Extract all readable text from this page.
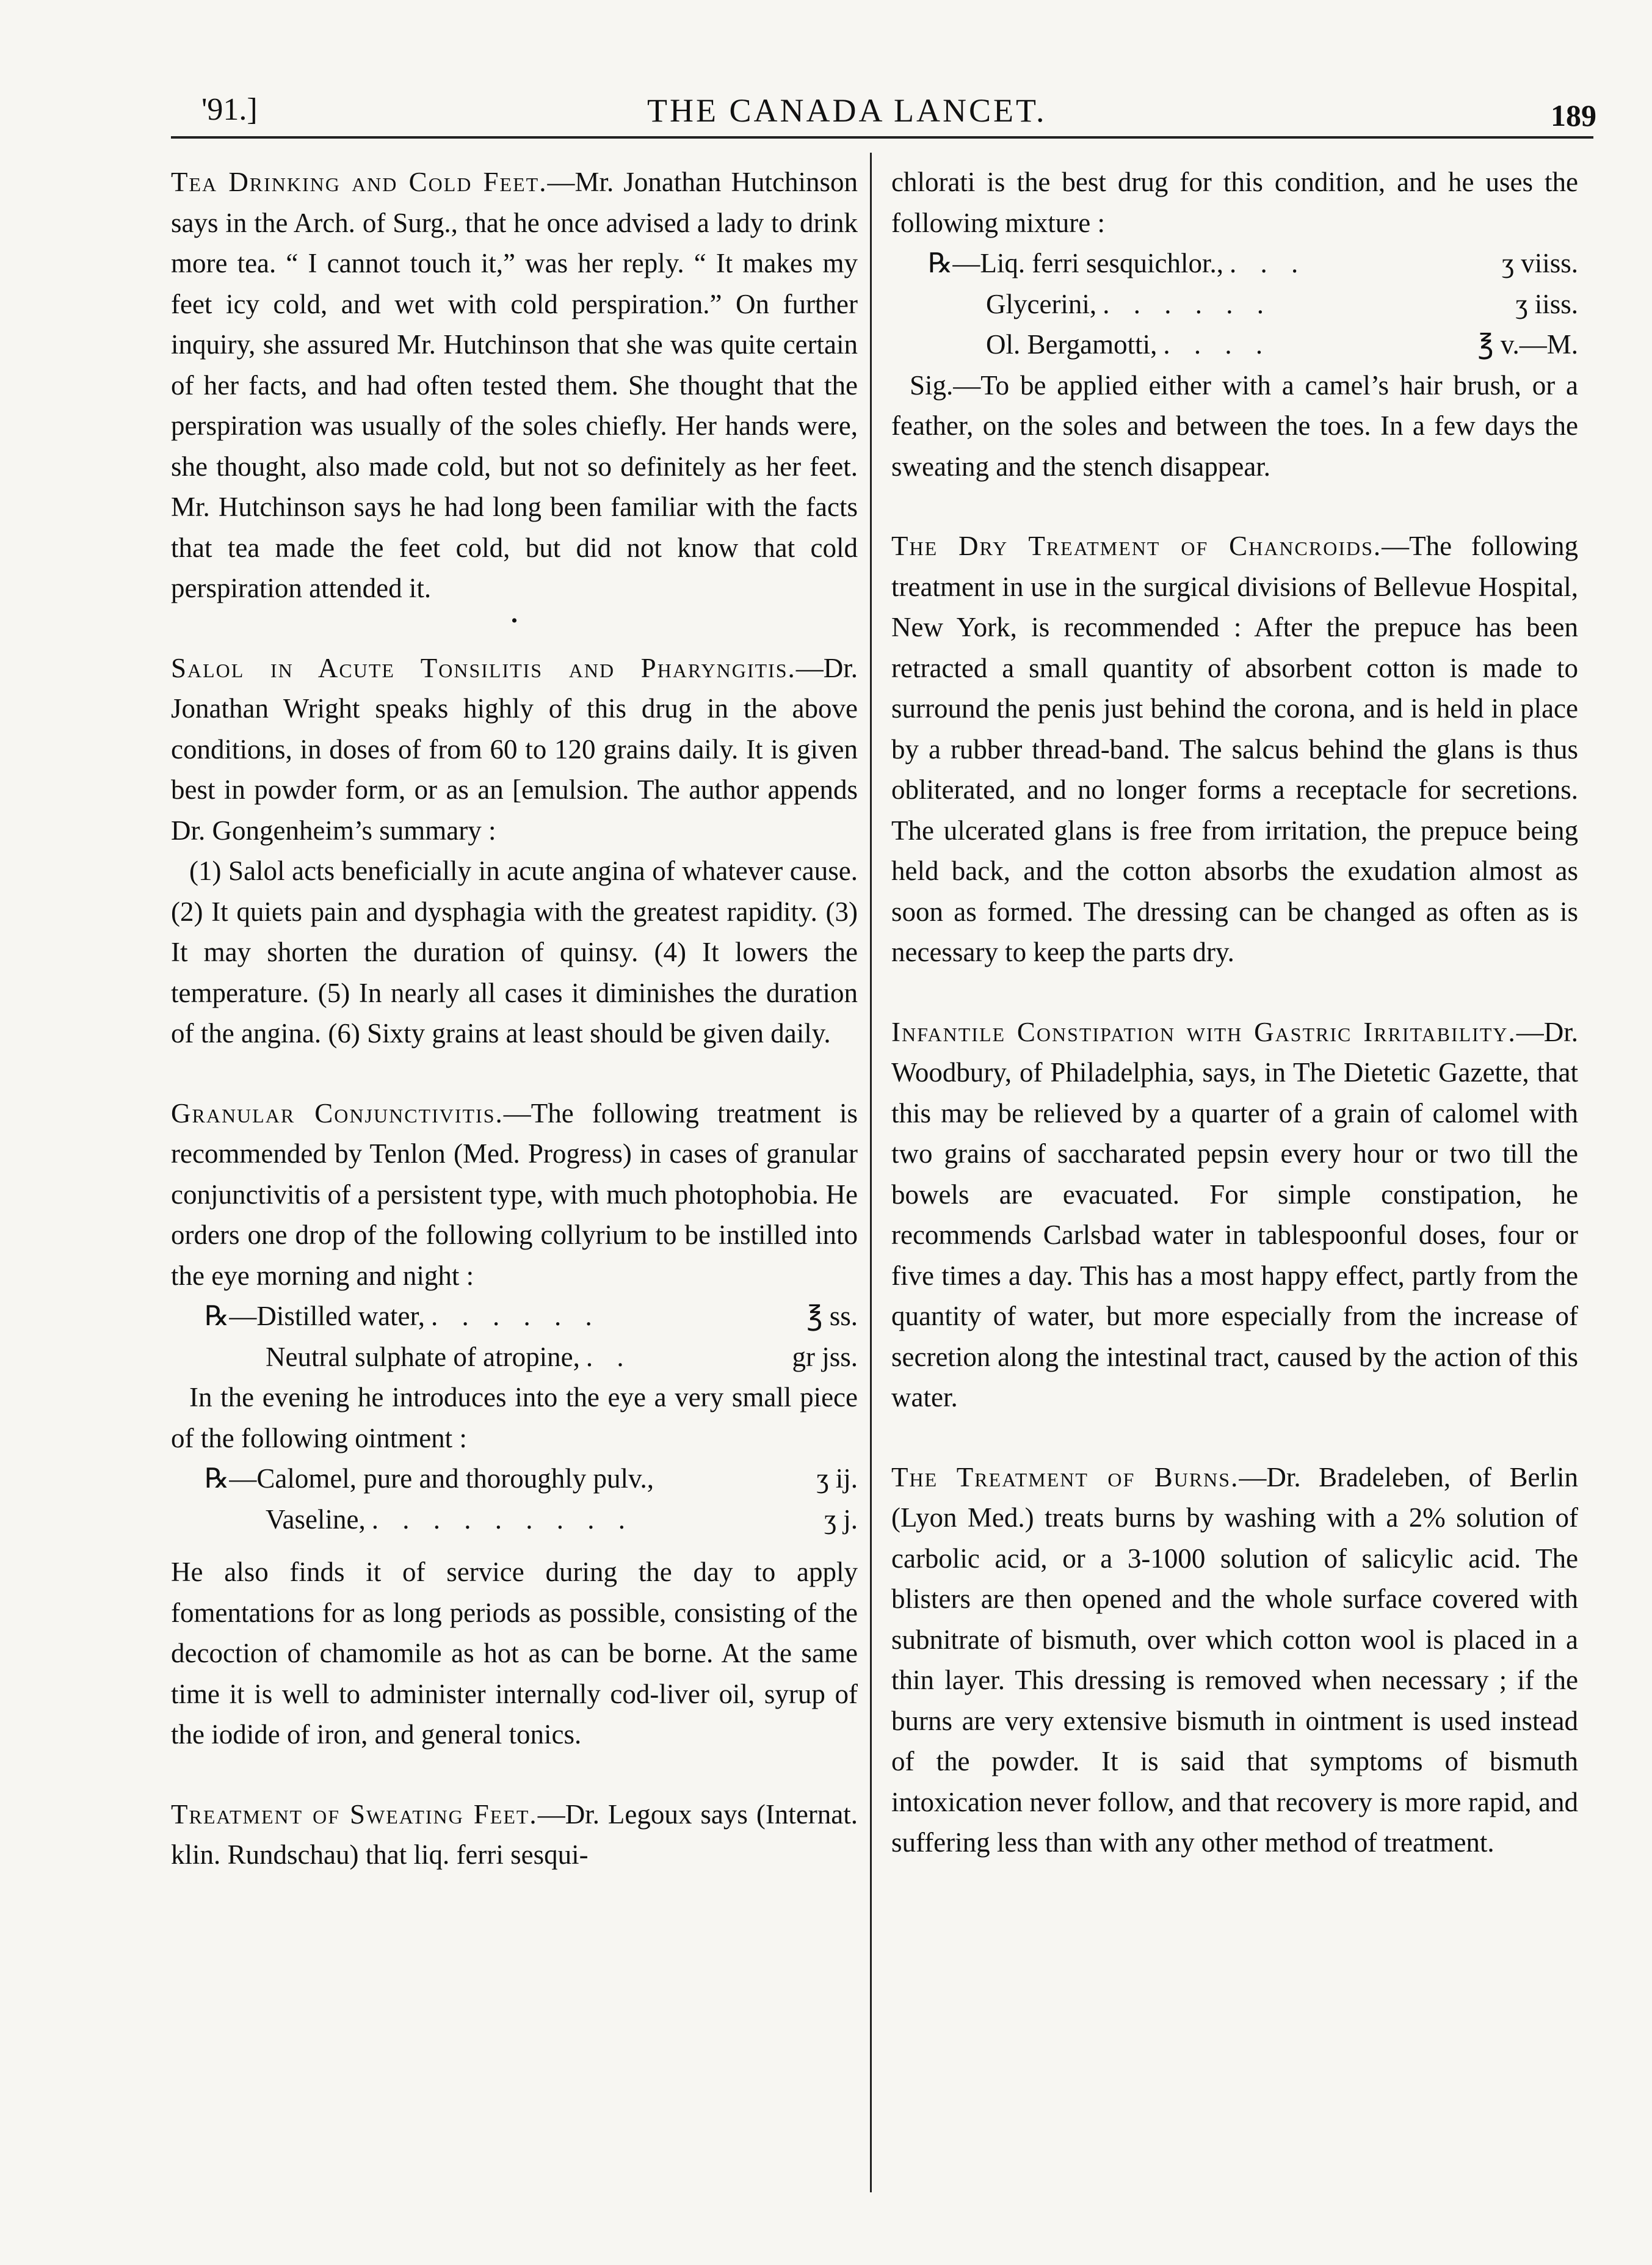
'91.]	THE CANADA LANCET.	189

Tea Drinking and Cold Feet.—Mr. Jonathan Hutchinson says in the Arch. of Surg., that he once advised a lady to drink more tea. “ I cannot touch it,” was her reply. “ It makes my feet icy cold, and wet with cold perspiration.” On further inquiry, she assured Mr. Hutchinson that she was quite certain of her facts, and had often tested them. She thought that the perspiration was usually of the soles chiefly. Her hands were, she thought, also made cold, but not so definitely as her feet. Mr. Hutchinson says he had long been familiar with the facts that tea made the feet cold, but did not know that cold perspiration attended it.

•

Salol in Acute Tonsilitis and Pharyngitis.—Dr. Jonathan Wright speaks highly of this drug in the above conditions, in doses of from 60 to 120 grains daily. It is given best in powder form, or as an [emulsion. The author appends Dr. Gongenheim’s summary :

(1) Salol acts beneficially in acute angina of whatever cause. (2) It quiets pain and dysphagia with the greatest rapidity. (3) It may shorten the duration of quinsy. (4) It lowers the temperature. (5) In nearly all cases it diminishes the duration of the angina. (6) Sixty grains at least should be given daily.

Granular Conjunctivitis.—The following treatment is recommended by Tenlon (Med. Progress) in cases of granular conjunctivitis of a persistent type, with much photophobia. He orders one drop of the following collyrium to be instilled into the eye morning and night :

℞—Distilled water, . . . . . .	℥ ss.
Neutral sulphate of atropine, . .	gr jss.

In the evening he introduces into the eye a very small piece of the following ointment :

℞—Calomel, pure and thoroughly pulv.,	ʒ ij.
Vaseline, . . . . . . . . .	ʒ j.

He also finds it of service during the day to apply fomentations for as long periods as possible, consisting of the decoction of chamomile as hot as can be borne. At the same time it is well to administer internally cod-liver oil, syrup of the iodide of iron, and general tonics.

Treatment of Sweating Feet.—Dr. Legoux says (Internat. klin. Rundschau) that liq. ferri sesqui-

chlorati is the best drug for this condition, and he uses the following mixture :

℞—Liq. ferri sesquichlor., . . .	ʒ viiss.
Glycerini, . . . . . .	ʒ iiss.
Ol. Bergamotti, . . . .	℥ v.—M.

Sig.—To be applied either with a camel’s hair brush, or a feather, on the soles and between the toes. In a few days the sweating and the stench disappear.

The Dry Treatment of Chancroids.—The following treatment in use in the surgical divisions of Bellevue Hospital, New York, is recommended : After the prepuce has been retracted a small quantity of absorbent cotton is made to surround the penis just behind the corona, and is held in place by a rubber thread-band. The salcus behind the glans is thus obliterated, and no longer forms a receptacle for secretions. The ulcerated glans is free from irritation, the prepuce being held back, and the cotton absorbs the exudation almost as soon as formed. The dressing can be changed as often as is necessary to keep the parts dry.

Infantile Constipation with Gastric Irritability.—Dr. Woodbury, of Philadelphia, says, in The Dietetic Gazette, that this may be relieved by a quarter of a grain of calomel with two grains of saccharated pepsin every hour or two till the bowels are evacuated. For simple constipation, he recommends Carlsbad water in tablespoonful doses, four or five times a day. This has a most happy effect, partly from the quantity of water, but more especially from the increase of secretion along the intestinal tract, caused by the action of this water.

The Treatment of Burns.—Dr. Bradeleben, of Berlin (Lyon Med.) treats burns by washing with a 2% solution of carbolic acid, or a 3-1000 solution of salicylic acid. The blisters are then opened and the whole surface covered with subnitrate of bismuth, over which cotton wool is placed in a thin layer. This dressing is removed when necessary ; if the burns are very extensive bismuth in ointment is used instead of the powder. It is said that symptoms of bismuth intoxication never follow, and that recovery is more rapid, and suffering less than with any other method of treatment.
